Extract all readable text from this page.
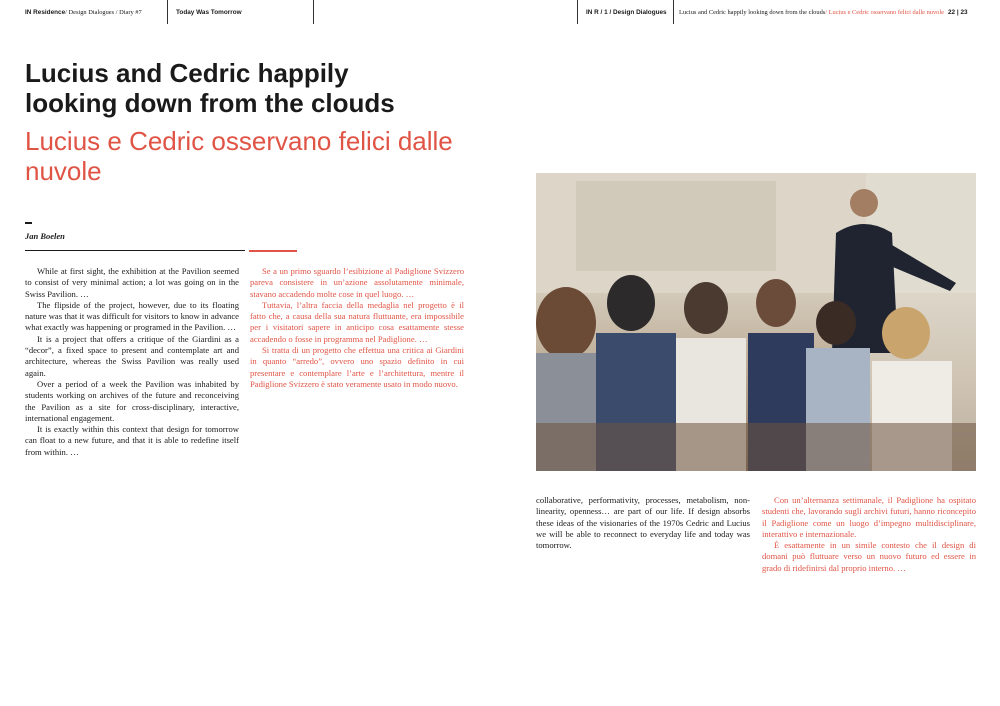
IN Residence / Design Dialogues / Diary #7	Today Was Tomorrow	IN R / 1 / Design Dialogues Lucius and Cedric happily looking down from the clouds / Lucius e Cedric osservano felici dalle nuvole 22 | 23
Lucius and Cedric happily looking down from the clouds
Lucius e Cedric osservano felici dalle nuvole
Jan Boelen

While at first sight, the exhibition at the Pavilion seemed to consist of very minimal action; a lot was going on in the Swiss Pavilion. …

The flipside of the project, however, due to its floating nature was that it was difficult for visitors to know in advance what exactly was happening or programed in the Pavilion. …

It is a project that offers a critique of the Giardini as a “decor”, a fixed space to present and contemplate art and architecture, whereas the Swiss Pavilion was really used again.

Over a period of a week the Pavilion was inhabited by students working on archives of the future and reconceiving the Pavilion as a site for cross-disciplinary, interactive, international engagement.

It is exactly within this context that design for tomorrow can float to a new future, and that it is able to redefine itself from within. …

Se a un primo sguardo l’esibizione al Padiglione Svizzero pareva consistere in un’azione assolutamente minimale, stavano accadendo molte cose in quel luogo. …

Tuttavia, l’altra faccia della medaglia nel progetto è il fatto che, a causa della sua natura fluttuante, era impossibile per i visitatori sapere in anticipo cosa esattamente stesse accadendo o fosse in programma nel Padiglione. …

Si tratta di un progetto che effettua una critica ai Giardini in quanto “arredo”, ovvero uno spazio definito in cui presentare e contemplare l’arte e l’architettura, mentre il Padiglione Svizzero è stato veramente usato in modo nuovo.

collaborative, performativity, processes, metabolism, non-linearity, openness… are part of our life. If design absorbs these ideas of the visionaries of the 1970s Cedric and Lucius we will be able to reconnect to everyday life and today was tomorrow.

Con un’alternanza settimanale, il Padiglione ha ospitato studenti che, lavorando sugli archivi futuri, hanno riconcepito il Padiglione come un luogo d’impegno multidisciplinare, interattivo e internazionale.

È esattamente in un simile contesto che il design di domani può fluttuare verso un nuovo futuro ed essere in grado di ridefinirsi dal proprio interno. …
